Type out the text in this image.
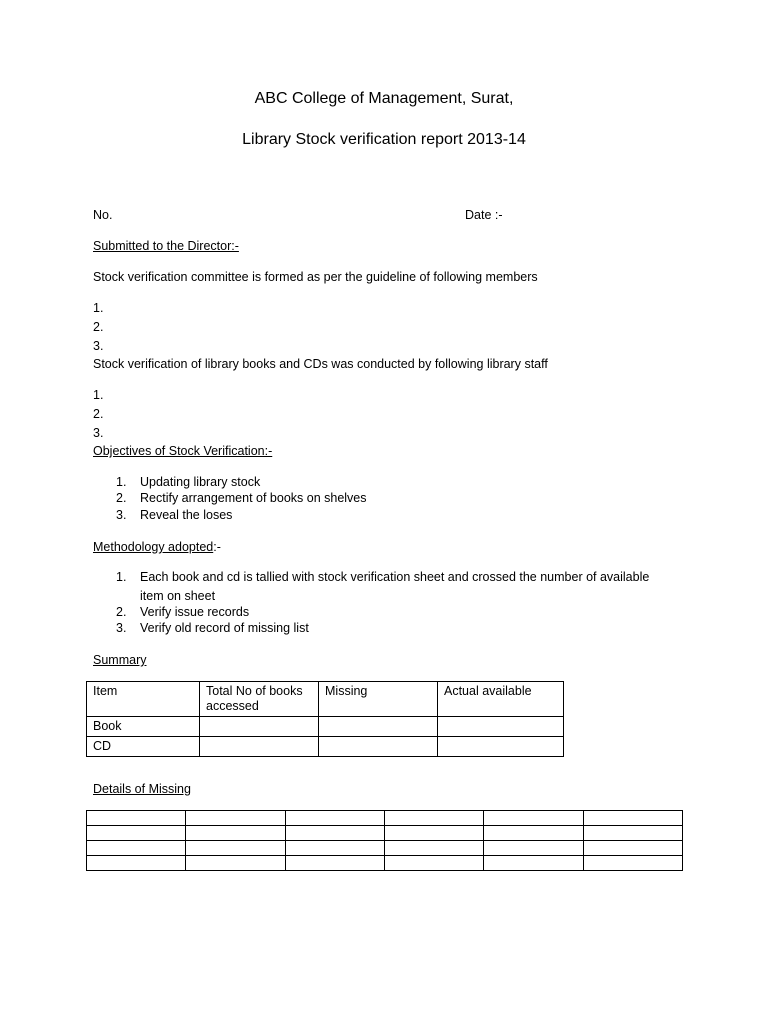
ABC College of Management, Surat,
Library Stock verification report 2013-14
No.	Date :-
Submitted to the Director:-
Stock verification committee is formed as per the guideline of following members
1.
2.
3.
Stock verification of library books and CDs was conducted by following library staff
1.
2.
3.
Objectives of Stock Verification:-
1. Updating library stock
2. Rectify arrangement of books on shelves
3. Reveal the loses
Methodology adopted:-
1. Each book and cd is tallied with stock verification sheet and crossed the number of available
item on sheet
2. Verify issue records
3. Verify old record of missing list
Summary
Item	Total No of books accessed	Missing	Actual available
Book			
CD			
Details of Missing
